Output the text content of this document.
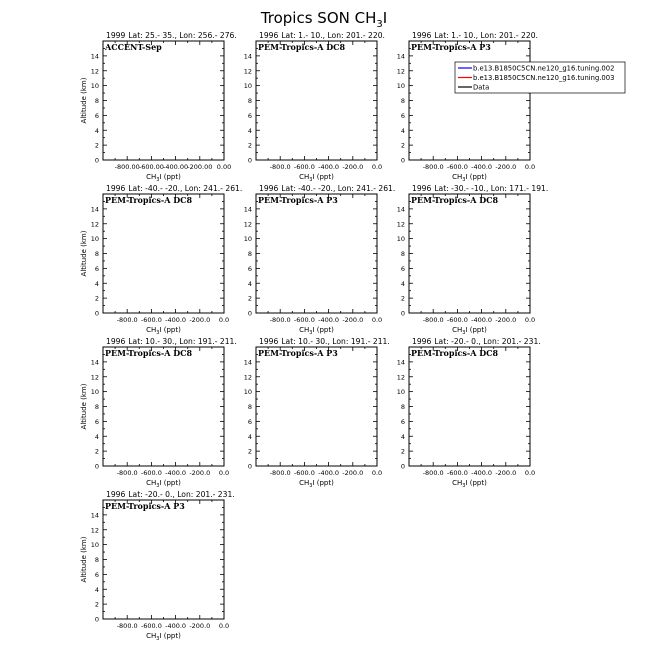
Tropics SON $CH_3I$
1999 Lat: 25.- 35., Lon: 256.- 276.
ACCENT-Sep
0
2
4
6
8
10
12
14
-800.00 -600.00 -400.00 -200.00 0.00
$CH_3I$ (ppt)
Altitude (km)
1996 Lat: 1.- 10., Lon: 201.- 220.
PEM-Tropics-A DC8
0
2
4
6
8
10
12
14
-800.0 -600.0 -400.0 -200.0 0.0
$CH_3I$ (ppt)
1996 Lat: 1.- 10., Lon: 201.- 220.
PEM-Tropics-A P3
0
2
4
6
8
10
12
14
-800.0 -600.0 -400.0 -200.0 0.0
$CH_3I$ (ppt)
1996 Lat: -40.- -20., Lon: 241.- 261.
PEM-Tropics-A DC8
0
2
4
6
8
10
12
14
-800.0 -600.0 -400.0 -200.0 0.0
$CH_3I$ (ppt)
Altitude (km)
1996 Lat: -40.- -20., Lon: 241.- 261.
PEM-Tropics-A P3
0
2
4
6
8
10
12
14
-800.0 -600.0 -400.0 -200.0 0.0
$CH_3I$ (ppt)
1996 Lat: -30.- -10., Lon: 171.- 191.
PEM-Tropics-A DC8
0
2
4
6
8
10
12
14
-800.0 -600.0 -400.0 -200.0 0.0
$CH_3I$ (ppt)
1996 Lat: 10.- 30., Lon: 191.- 211.
PEM-Tropics-A DC8
0
2
4
6
8
10
12
14
-800.0 -600.0 -400.0 -200.0 0.0
$CH_3I$ (ppt)
Altitude (km)
1996 Lat: 10.- 30., Lon: 191.- 211.
PEM-Tropics-A P3
0
2
4
6
8
10
12
14
-800.0 -600.0 -400.0 -200.0 0.0
$CH_3I$ (ppt)
1996 Lat: -20.- 0., Lon: 201.- 231.
PEM-Tropics-A DC8
0
2
4
6
8
10
12
14
-800.0 -600.0 -400.0 -200.0 0.0
$CH_3I$ (ppt)
1996 Lat: -20.- 0., Lon: 201.- 231.
PEM-Tropics-A P3
0
2
4
6
8
10
12
14
-800.0 -600.0 -400.0 -200.0 0.0
$CH_3I$ (ppt)
Altitude (km)
b.e13.B1850C5CN.ne120_g16.tuning.002
b.e13.B1850C5CN.ne120_g16.tuning.003
Data
